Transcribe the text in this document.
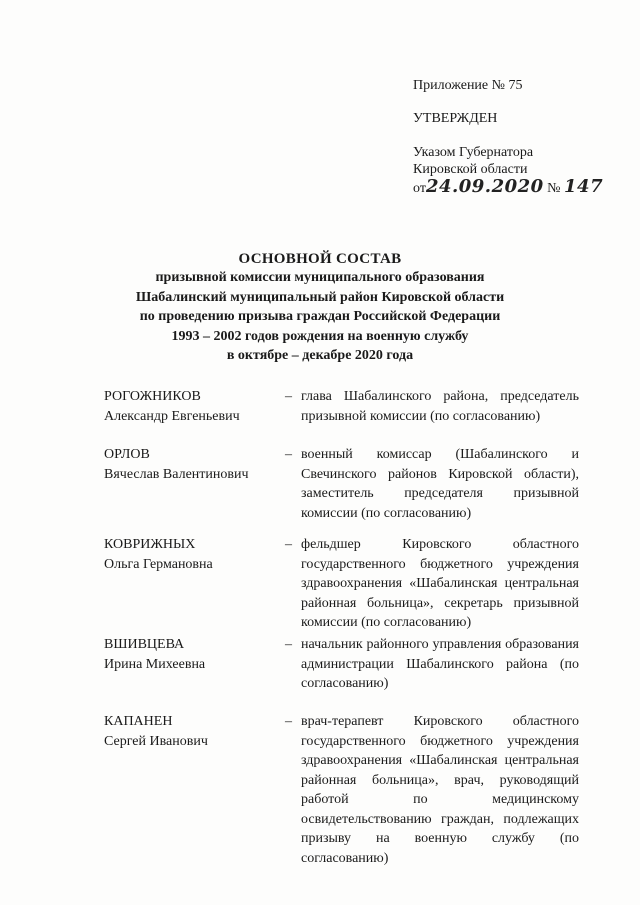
Приложение № 75
УТВЕРЖДЕН
Указом Губернатора
Кировской области
от24.09.2020 № 147
ОСНОВНОЙ СОСТАВ
призывной комиссии муниципального образования
Шабалинский муниципальный район Кировской области
по проведению призыва граждан Российской Федерации
1993 – 2002 годов рождения на военную службу
в октябре – декабре 2020 года
РОГОЖНИКОВ
Александр Евгеньевич
– глава Шабалинского района, председатель призывной комиссии (по согласованию)
ОРЛОВ
Вячеслав Валентинович
– военный комиссар (Шабалинского и Свечинского районов Кировской области), заместитель председателя призывной комиссии (по согласованию)
КОВРИЖНЫХ
Ольга Германовна
– фельдшер Кировского областного государственного бюджетного учреждения здравоохранения «Шабалинская центральная районная больница», секретарь призывной комиссии (по согласованию)
ВШИВЦЕВА
Ирина Михеевна
– начальник районного управления образования администрации Шабалинского района (по согласованию)
КАПАНЕН
Сергей Иванович
– врач-терапевт Кировского областного государственного бюджетного учреждения здравоохранения «Шабалинская центральная районная больница», врач, руководящий работой по медицинскому освидетельствованию граждан, подлежащих призыву на военную службу (по согласованию)
